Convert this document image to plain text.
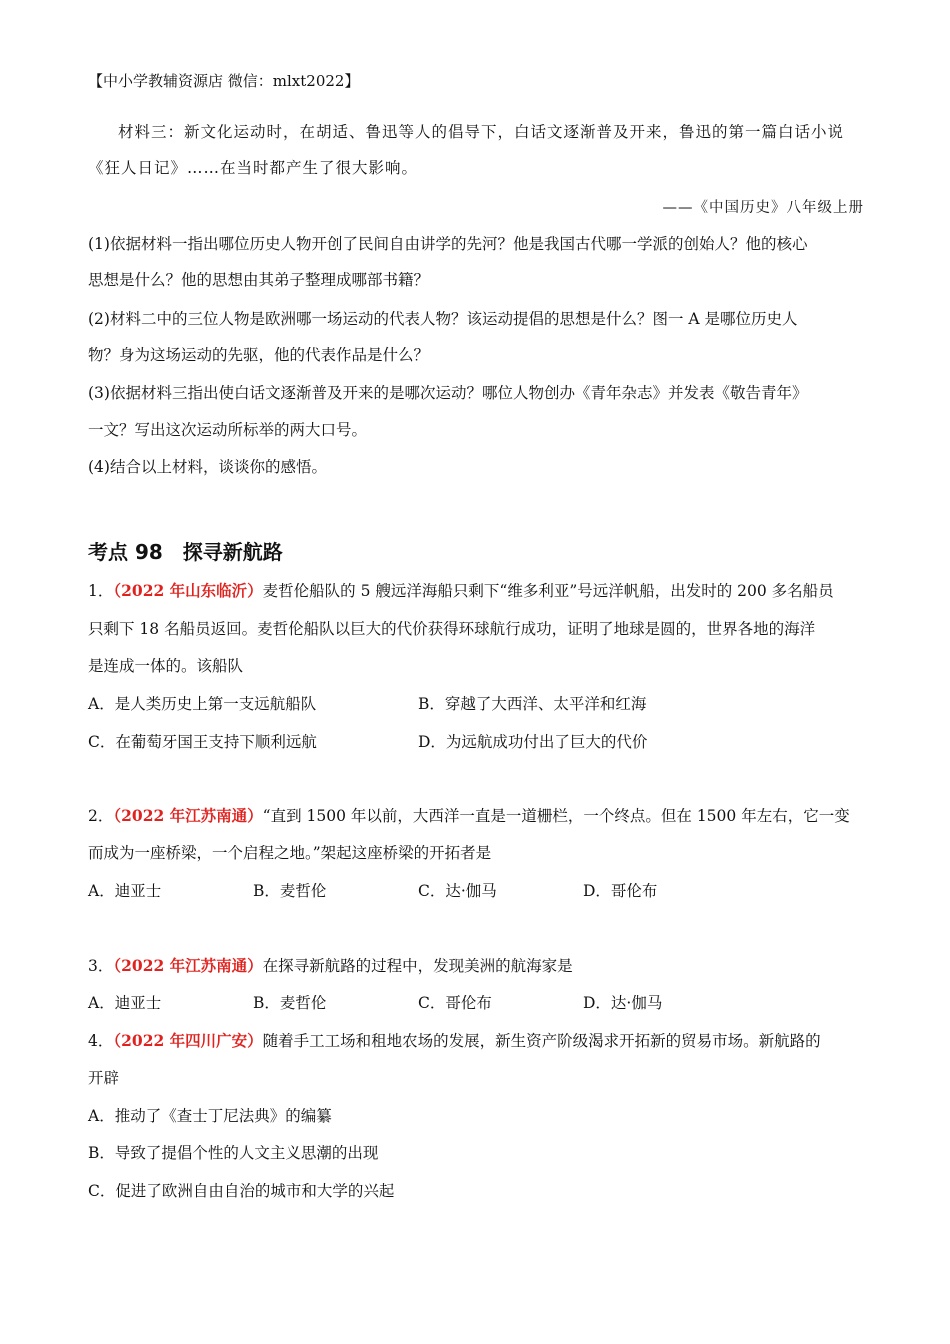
【中小学教辅资源店 微信：mlxt2022】
材料三：新文化运动时，在胡适、鲁迅等人的倡导下，白话文逐渐普及开来，鲁迅的第一篇白话小说
《狂人日记》……在当时都产生了很大影响。
——《中国历史》八年级上册
(1)依据材料一指出哪位历史人物开创了民间自由讲学的先河？他是我国古代哪一学派的创始人？他的核心
思想是什么？他的思想由其弟子整理成哪部书籍？
(2)材料二中的三位人物是欧洲哪一场运动的代表人物？该运动提倡的思想是什么？图一 A 是哪位历史人
物？身为这场运动的先驱，他的代表作品是什么？
(3)依据材料三指出使白话文逐渐普及开来的是哪次运动？哪位人物创办《青年杂志》并发表《敬告青年》
一文？写出这次运动所标举的两大口号。
(4)结合以上材料，谈谈你的感悟。
考点 98　探寻新航路
1．（2022 年山东临沂）麦哲伦船队的 5 艘远洋海船只剩下“维多利亚”号远洋帆船，出发时的 200 多名船员
只剩下 18 名船员返回。麦哲伦船队以巨大的代价获得环球航行成功，证明了地球是圆的，世界各地的海洋
是连成一体的。该船队
A．是人类历史上第一支远航船队	B．穿越了大西洋、太平洋和红海
C．在葡萄牙国王支持下顺利远航	D．为远航成功付出了巨大的代价
2．（2022 年江苏南通）“直到 1500 年以前，大西洋一直是一道栅栏，一个终点。但在 1500 年左右，它一变
而成为一座桥梁，一个启程之地。”架起这座桥梁的开拓者是
A．迪亚士	B．麦哲伦	C．达·伽马	D．哥伦布
3．（2022 年江苏南通）在探寻新航路的过程中，发现美洲的航海家是
A．迪亚士	B．麦哲伦	C．哥伦布	D．达·伽马
4．（2022 年四川广安）随着手工工场和租地农场的发展，新生资产阶级渴求开拓新的贸易市场。新航路的
开辟
A．推动了《查士丁尼法典》的编纂
B．导致了提倡个性的人文主义思潮的出现
C．促进了欧洲自由自治的城市和大学的兴起
